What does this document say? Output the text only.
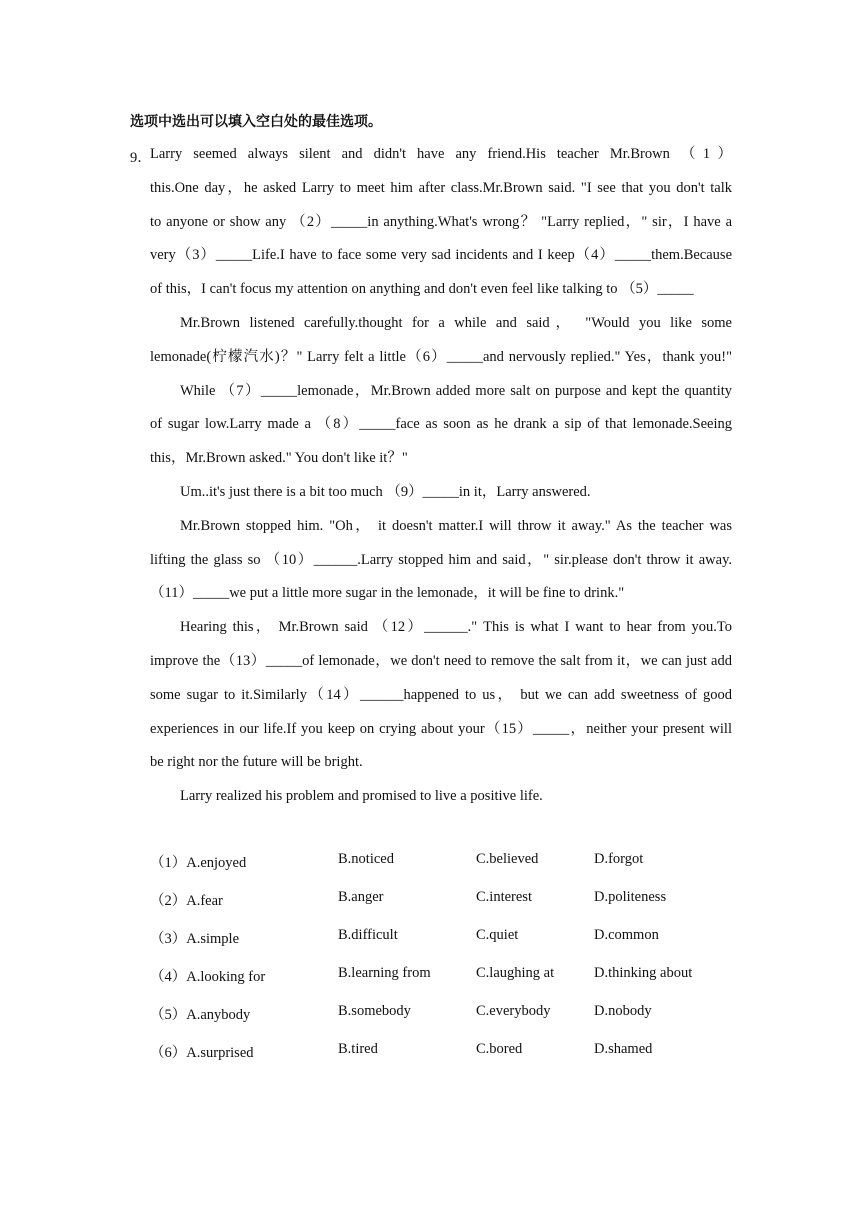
选项中选出可以填入空白处的最佳选项。
9．
Larry seemed always silent and didn't have any friend.His teacher Mr.Brown （1）
this.One day，he asked Larry to meet him after class.Mr.Brown said. "I see that you don't talk
to anyone or show any （2）_____in anything.What's wrong？ "Larry replied，" sir，I have a
very（3）_____Life.I have to face some very sad incidents and I keep（4）_____them.Because
of this，I can't focus my attention on anything and don't even feel like talking to （5）_____
Mr.Brown listened carefully.thought for a while and said， "Would you like some
lemonade(柠檬汽水)？" Larry felt a little（6）_____and nervously replied." Yes，thank you!"
While （7）_____lemonade，Mr.Brown added more salt on purpose and kept the quantity
of sugar low.Larry made a （8）_____face as soon as he drank a sip of that lemonade.Seeing
this，Mr.Brown asked." You don't like it？"
Um..it's just there is a bit too much （9）_____in it，Larry answered.
Mr.Brown stopped him. "Oh， it doesn't matter.I will throw it away." As the teacher was
lifting the glass so （10）______.Larry stopped him and said，" sir.please don't throw it away.
（11）_____we put a little more sugar in the lemonade，it will be fine to drink."
Hearing this， Mr.Brown said （12）______." This is what I want to hear from you.To
improve the（13）_____of lemonade，we don't need to remove the salt from it，we can just add
some sugar to it.Similarly（14）______happened to us， but we can add sweetness of good
experiences in our life.If you keep on crying about your（15）_____，neither your present will
be right nor the future will be bright.
Larry realized his problem and promised to live a positive life.
（1）A.enjoyed	B.noticed	C.believed	D.forgot
（2）A.fear	B.anger	C.interest	D.politeness
（3）A.simple	B.difficult	C.quiet	D.common
（4）A.looking for	B.learning from	C.laughing at	D.thinking about
（5）A.anybody	B.somebody	C.everybody	D.nobody
（6）A.surprised	B.tired	C.bored	D.shamed
